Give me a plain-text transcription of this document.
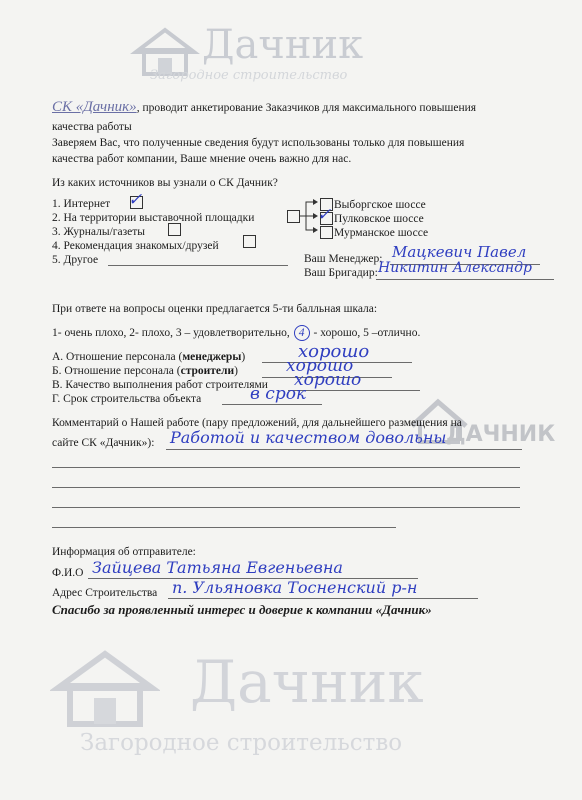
Дачник
Загородное строительство
СК «Дачник», проводит анкетирование Заказчиков для максимального повышения
качества работы
Заверяем Вас, что полученные сведения будут использованы только для повышения
качества работ компании, Ваше мнение очень важно для нас.
Из каких источников вы узнали о СК Дачник?
1. Интернет ✓
2. На территории выставочной площадки
3. Журналы/газеты
4. Рекомендация знакомых/друзей
5. Другое
Выборгское шоссе
✓ Пулковское шоссе
Мурманское шоссе
Ваш Менеджер: Мацкевич Павел
Ваш Бригадир: Никитин Александр
При ответе на вопросы оценки предлагается 5-ти балльная шкала:
1- очень плохо, 2- плохо, 3 – удовлетворительно, 4 - хорошо, 5 –отлично.
А. Отношение персонала (менеджеры)	хорошо
Б. Отношение персонала (строители)	хорошо
В. Качество выполнения работ строителями хорошо
Г. Срок строительства объекта	в срок
ДАЧНИК
Комментарий о Нашей работе (пару предложений, для дальнейшего размещения на
сайте СК «Дачник»): Работой и качеством довольны
Информация об отправителе:
Ф.И.О Зайцева Татьяна Евгеньевна
Адрес Строительства п. Ульяновка Тосненский р-н
Спасибо за проявленный интерес и доверие к компании «Дачник»
Дачник
Загородное строительство
